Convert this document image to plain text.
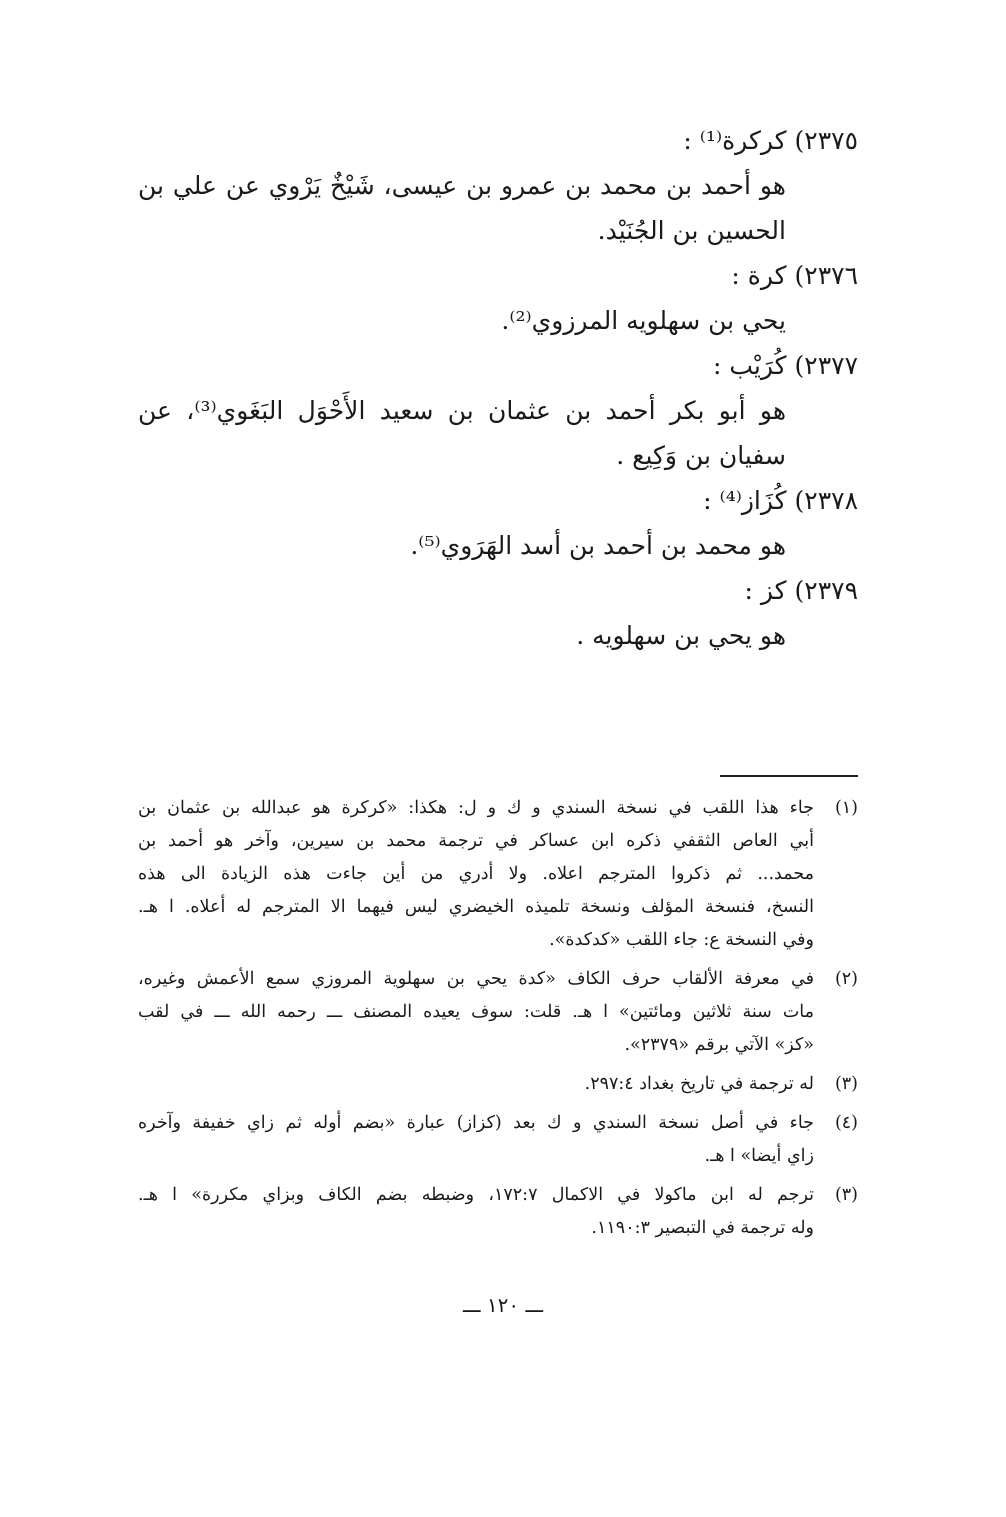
٢٣٧٥) كركرة⁽¹⁾ :
هو أحمد بن محمد بن عمرو بن عيسى، شَيْخٌ يَرْوي عن علي بن
الحسين بن الجُنَيْد.
٢٣٧٦) كرة :
يحي بن سهلويه المرزوي⁽²⁾.
٢٣٧٧) كُرَيْب :
هو أبو بكر أحمد بن عثمان بن سعيد الأَحْوَل البَغَوي⁽³⁾، عن
سفيان بن وَكِيع .
٢٣٧٨) كُزَاز⁽⁴⁾ :
هو محمد بن أحمد بن أسد الهَرَوي⁽⁵⁾.
٢٣٧٩) كز :
هو يحي بن سهلويه .
(١)
جاء هذا اللقب في نسخة السندي و ك و ل: هكذا: «كركرة هو عبدالله بن عثمان بن
أبي العاص الثقفي ذكره ابن عساكر في ترجمة محمد بن سيرين، وآخر هو أحمد بن
محمد... ثم ذكروا المترجم اعلاه. ولا أدري من أين جاءت هذه الزيادة الى هذه
النسخ، فنسخة المؤلف ونسخة تلميذه الخيضري ليس فيهما الا المترجم له أعلاه. ا هـ.
وفي النسخة ع: جاء اللقب «كدكدة».
(٢)
في معرفة الألقاب حرف الكاف «كدة يحي بن سهلوية المروزي سمع الأعمش وغيره،
مات سنة ثلاثين ومائتين» ا هـ. قلت: سوف يعيده المصنف ـــ رحمه الله ـــ في لقب
«كز» الآتي برقم «٢٣٧٩».
(٣)
له ترجمة في تاريخ بغداد ٢٩٧:٤.
(٤)
جاء في أصل نسخة السندي و ك بعد (كزاز) عبارة «بضم أوله ثم زاي خفيفة وآخره
زاي أيضا» ا هـ.
(٣)
ترجم له ابن ماكولا في الاكمال ١٧٢:٧، وضبطه بضم الكاف وبزاي مكررة» ا هـ.
وله ترجمة في التبصير ١١٩٠:٣.
ـــ ١٢٠ ـــ
